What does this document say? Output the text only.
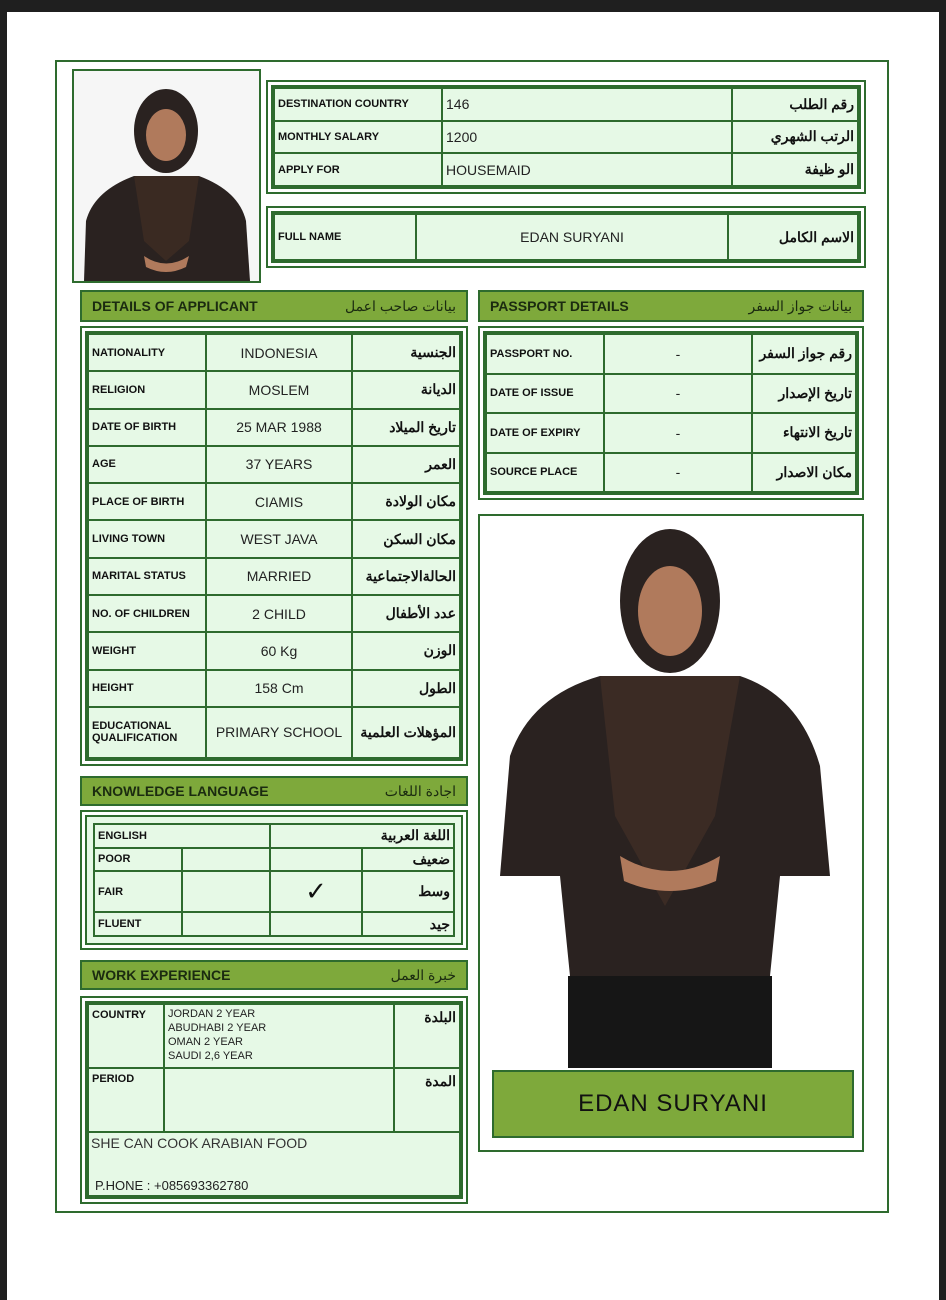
DESTINATION COUNTRY	146	رقم الطلب
MONTHLY SALARY	1200	الرتب الشهري
APPLY FOR	HOUSEMAID	الو ظيفة
FULL NAME	EDAN SURYANI	الاسم الكامل
DETAILS OF APPLICANT	بيانات صاحب اعمل
NATIONALITY	INDONESIA	الجنسية
RELIGION	MOSLEM	الديانة
DATE OF BIRTH	25 MAR 1988	تاريخ الميلاد
AGE	37 YEARS	العمر
PLACE OF BIRTH	CIAMIS	مكان الولادة
LIVING TOWN	WEST JAVA	مكان السكن
MARITAL STATUS	MARRIED	الحالةالاجتماعية
NO. OF CHILDREN	2 CHILD	عدد الأطفال
WEIGHT	60 Kg	الوزن
HEIGHT	158 Cm	الطول
EDUCATIONAL QUALIFICATION	PRIMARY SCHOOL	المؤهلات العلمية
PASSPORT DETAILS	بيانات جواز السفر
PASSPORT NO.	-	رقم جواز السفر
DATE OF ISSUE	-	تاريخ الإصدار
DATE OF EXPIRY	-	تاريخ الانتهاء
SOURCE PLACE	-	مكان الاصدار
EDAN SURYANI
KNOWLEDGE LANGUAGE	اجادة اللغات
ENGLISH		اللغة العربية	
POOR			ضعيف
FAIR		✓	وسط
FLUENT			جيد
WORK EXPERIENCE	خبرة العمل
COUNTRY	JORDAN 2 YEAR
ABUDHABI 2 YEAR
OMAN 2 YEAR
SAUDI 2,6 YEAR	البلدة
PERIOD		المدة

SHE CAN COOK ARABIAN FOOD
P.HONE : +085693362780		
